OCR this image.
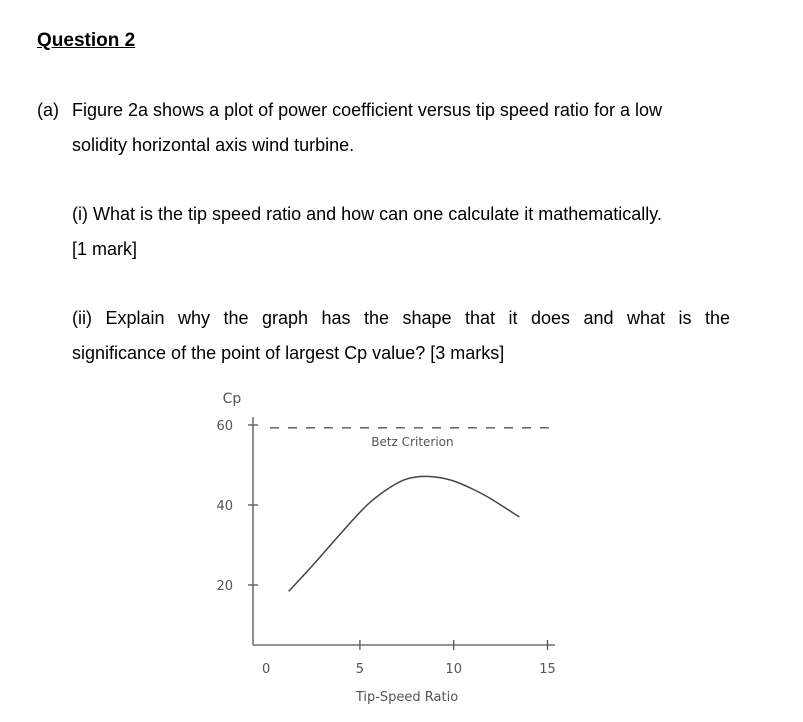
Question 2
(a) Figure 2a shows a plot of power coefficient versus tip speed ratio for a low
solidity horizontal axis wind turbine.
(i) What is the tip speed ratio and how can one calculate it mathematically.
[1 mark]
(ii) Explain why the graph has the shape that it does and what is the
significance of the point of largest Cp value? [3 marks]
Cp
20
40
60
0	5	10	15
Betz Criterion
Tip-Speed Ratio
